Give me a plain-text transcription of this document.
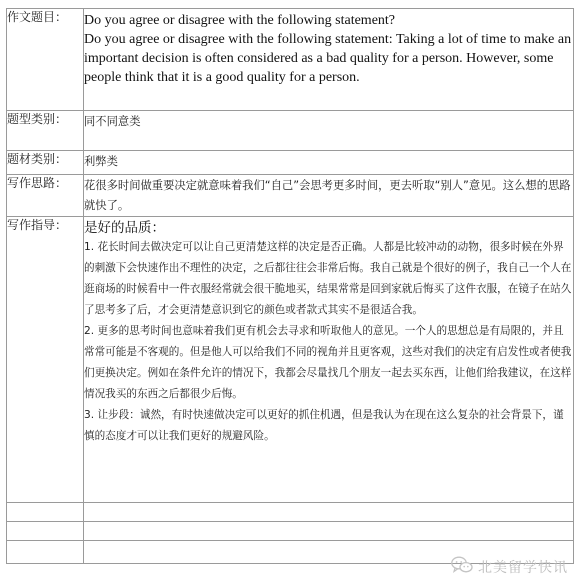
作文题目：	Do you agree or disagree with the following statement?
Do you agree or disagree with the following statement: Taking a lot of time to make an important decision is often considered as a bad quality for a person. However, some people think that it is a good quality for a person.

题型类别：	同不同意类
题材类别：	利弊类
写作思路：	花很多时间做重要决定就意味着我们“自己”会思考更多时间，更去听取“别人”意见。这么想的思路就快了。
写作指导：	是好的品质：
1. 花长时间去做决定可以让自己更清楚这样的决定是否正确。人都是比较冲动的动物，很多时候在外界的刺激下会快速作出不理性的决定，之后都往往会非常后悔。我自己就是个很好的例子，我自己一个人在逛商场的时候看中一件衣服经常就会很干脆地买，结果常常是回到家就后悔买了这件衣服，在镜子在站久了思考多了后，才会更清楚意识到它的颜色或者款式其实不是很适合我。
2. 更多的思考时间也意味着我们更有机会去寻求和听取他人的意见。一个人的思想总是有局限的，并且常常可能是不客观的。但是他人可以给我们不同的视角并且更客观，这些对我们的决定有启发性或者使我们更换决定。例如在条件允许的情况下，我都会尽量找几个朋友一起去买东西，让他们给我建议，在这样情况我买的东西之后都很少后悔。
3. 让步段：诚然，有时快速做决定可以更好的抓住机遇，但是我认为在现在这么复杂的社会背景下，谨慎的态度才可以让我们更好的规避风险。

北美留学快讯
